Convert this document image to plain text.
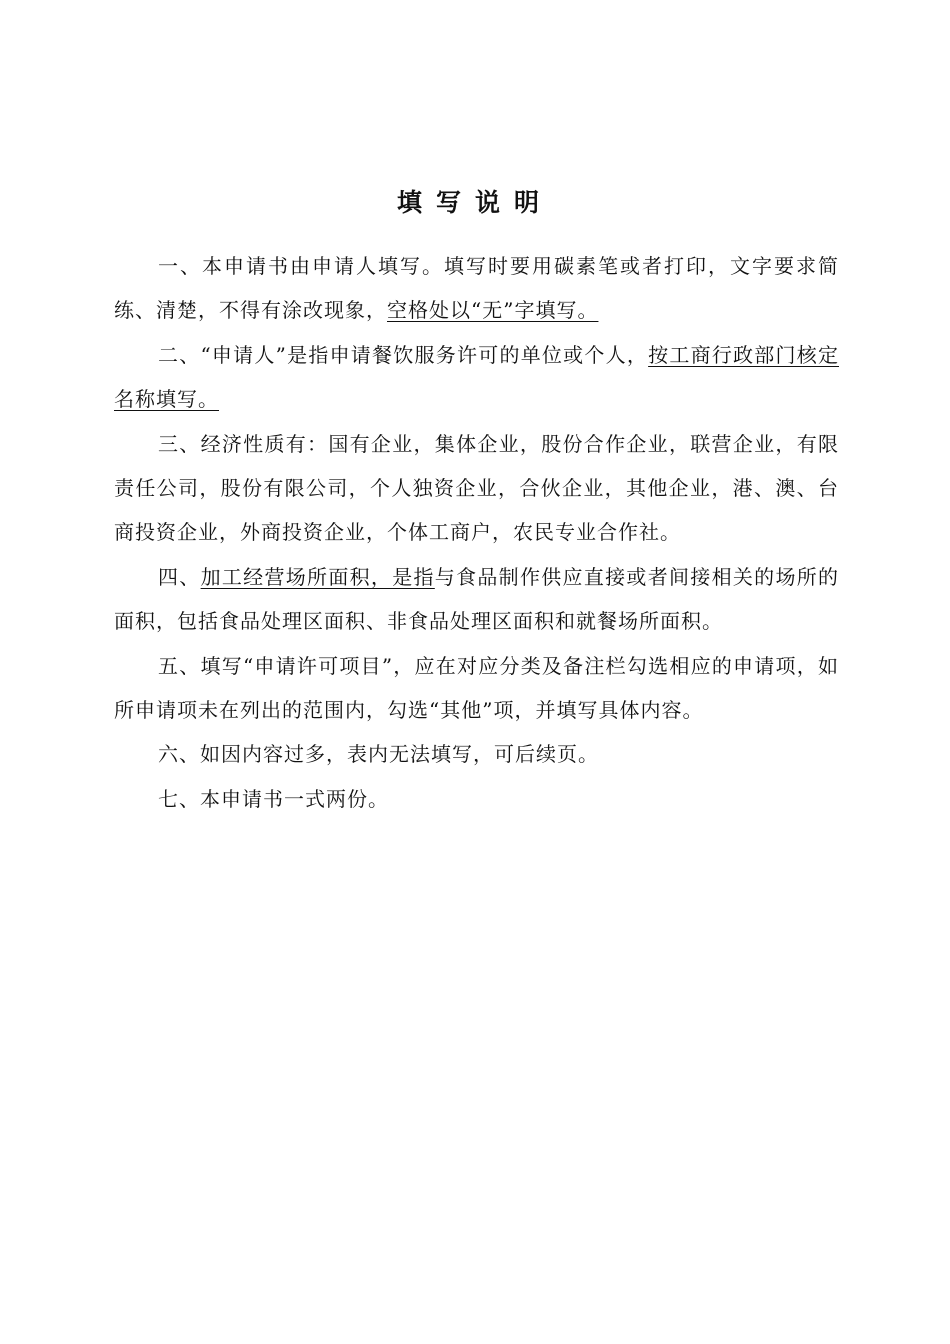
填写说明

一、本申请书由申请人填写。填写时要用碳素笔或者打印，文字要求简练、清楚，不得有涂改现象，空格处以“无”字填写。

二、“申请人”是指申请餐饮服务许可的单位或个人，按工商行政部门核定名称填写。

三、经济性质有：国有企业，集体企业，股份合作企业，联营企业，有限责任公司，股份有限公司，个人独资企业，合伙企业，其他企业，港、澳、台商投资企业，外商投资企业，个体工商户，农民专业合作社。

四、加工经营场所面积，是指与食品制作供应直接或者间接相关的场所的面积，包括食品处理区面积、非食品处理区面积和就餐场所面积。

五、填写“申请许可项目”，应在对应分类及备注栏勾选相应的申请项，如所申请项未在列出的范围内，勾选“其他”项，并填写具体内容。

六、如因内容过多，表内无法填写，可后续页。

七、本申请书一式两份。
